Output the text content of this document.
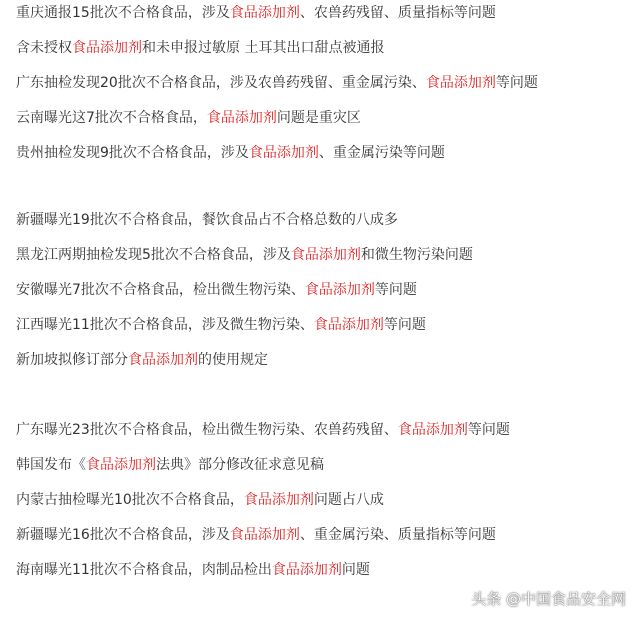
重庆通报15批次不合格食品，涉及食品添加剂、农兽药残留、质量指标等问题
含未授权食品添加剂和未申报过敏原 土耳其出口甜点被通报
广东抽检发现20批次不合格食品，涉及农兽药残留、重金属污染、食品添加剂等问题
云南曝光这7批次不合格食品，食品添加剂问题是重灾区
贵州抽检发现9批次不合格食品，涉及食品添加剂、重金属污染等问题
新疆曝光19批次不合格食品，餐饮食品占不合格总数的八成多
黑龙江两期抽检发现5批次不合格食品，涉及食品添加剂和微生物污染问题
安徽曝光7批次不合格食品，检出微生物污染、食品添加剂等问题
江西曝光11批次不合格食品，涉及微生物污染、食品添加剂等问题
新加坡拟修订部分食品添加剂的使用规定
广东曝光23批次不合格食品，检出微生物污染、农兽药残留、食品添加剂等问题
韩国发布《食品添加剂法典》部分修改征求意见稿
内蒙古抽检曝光10批次不合格食品，食品添加剂问题占八成
新疆曝光16批次不合格食品，涉及食品添加剂、重金属污染、质量指标等问题
海南曝光11批次不合格食品，肉制品检出食品添加剂问题
头条 @中国食品安全网
